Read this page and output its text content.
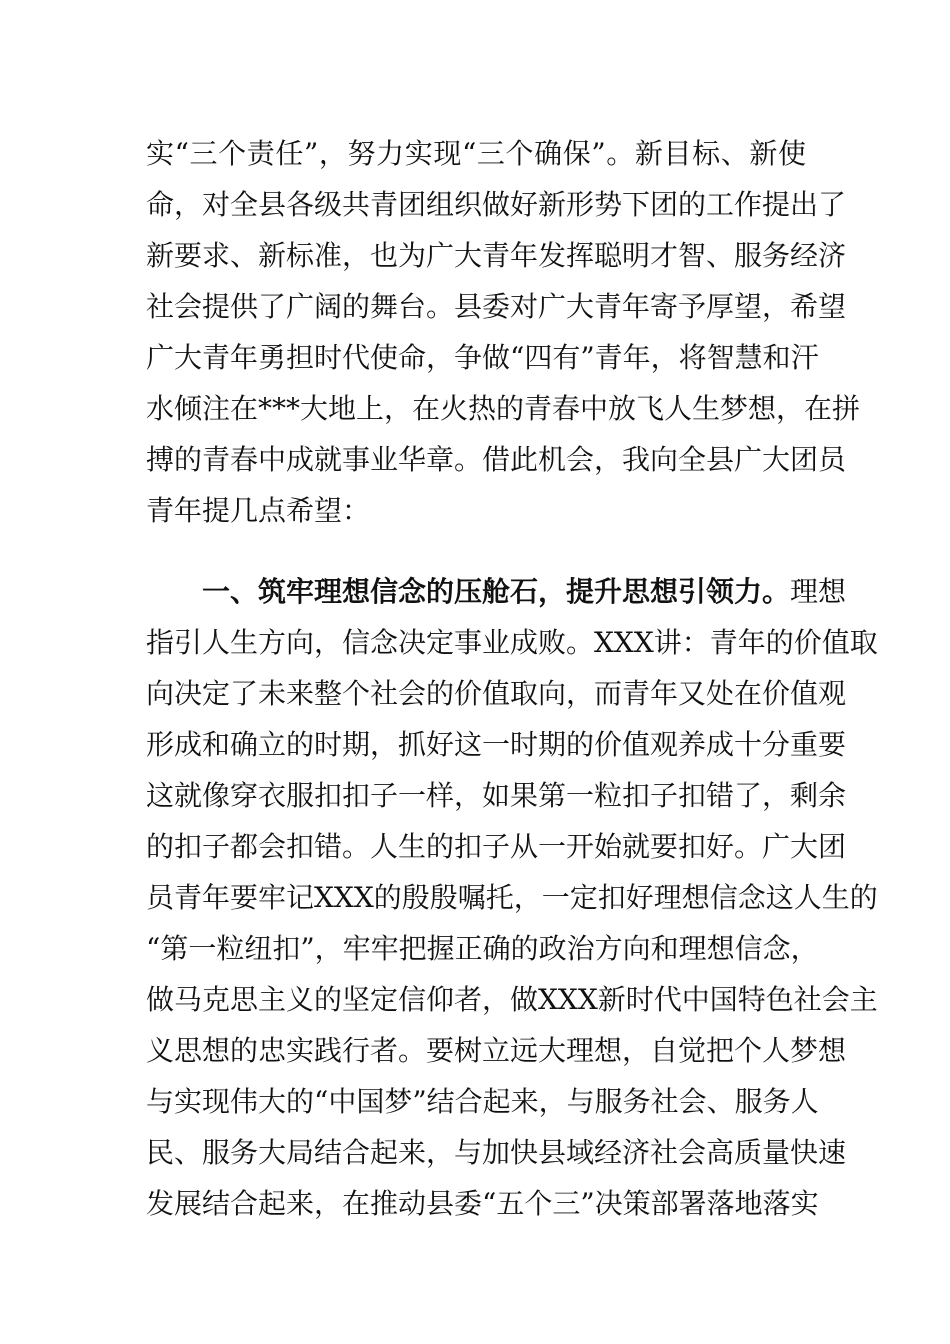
实“三个责任”，努力实现“三个确保”。新目标、新使
命，对全县各级共青团组织做好新形势下团的工作提出了
新要求、新标准，也为广大青年发挥聪明才智、服务经济
社会提供了广阔的舞台。县委对广大青年寄予厚望，希望
广大青年勇担时代使命，争做“四有”青年，将智慧和汗
水倾注在***大地上，在火热的青春中放飞人生梦想，在拼
搏的青春中成就事业华章。借此机会，我向全县广大团员
青年提几点希望：
一、筑牢理想信念的压舱石，提升思想引领力。理想
指引人生方向，信念决定事业成败。XXX讲：青年的价值取
向决定了未来整个社会的价值取向，而青年又处在价值观
形成和确立的时期，抓好这一时期的价值观养成十分重要
这就像穿衣服扣扣子一样，如果第一粒扣子扣错了，剩余
的扣子都会扣错。人生的扣子从一开始就要扣好。广大团
员青年要牢记XXX的殷殷嘱托，一定扣好理想信念这人生的
“第一粒纽扣”，牢牢把握正确的政治方向和理想信念，
做马克思主义的坚定信仰者，做XXX新时代中国特色社会主
义思想的忠实践行者。要树立远大理想，自觉把个人梦想
与实现伟大的“中国梦”结合起来，与服务社会、服务人
民、服务大局结合起来，与加快县域经济社会高质量快速
发展结合起来，在推动县委“五个三”决策部署落地落实
